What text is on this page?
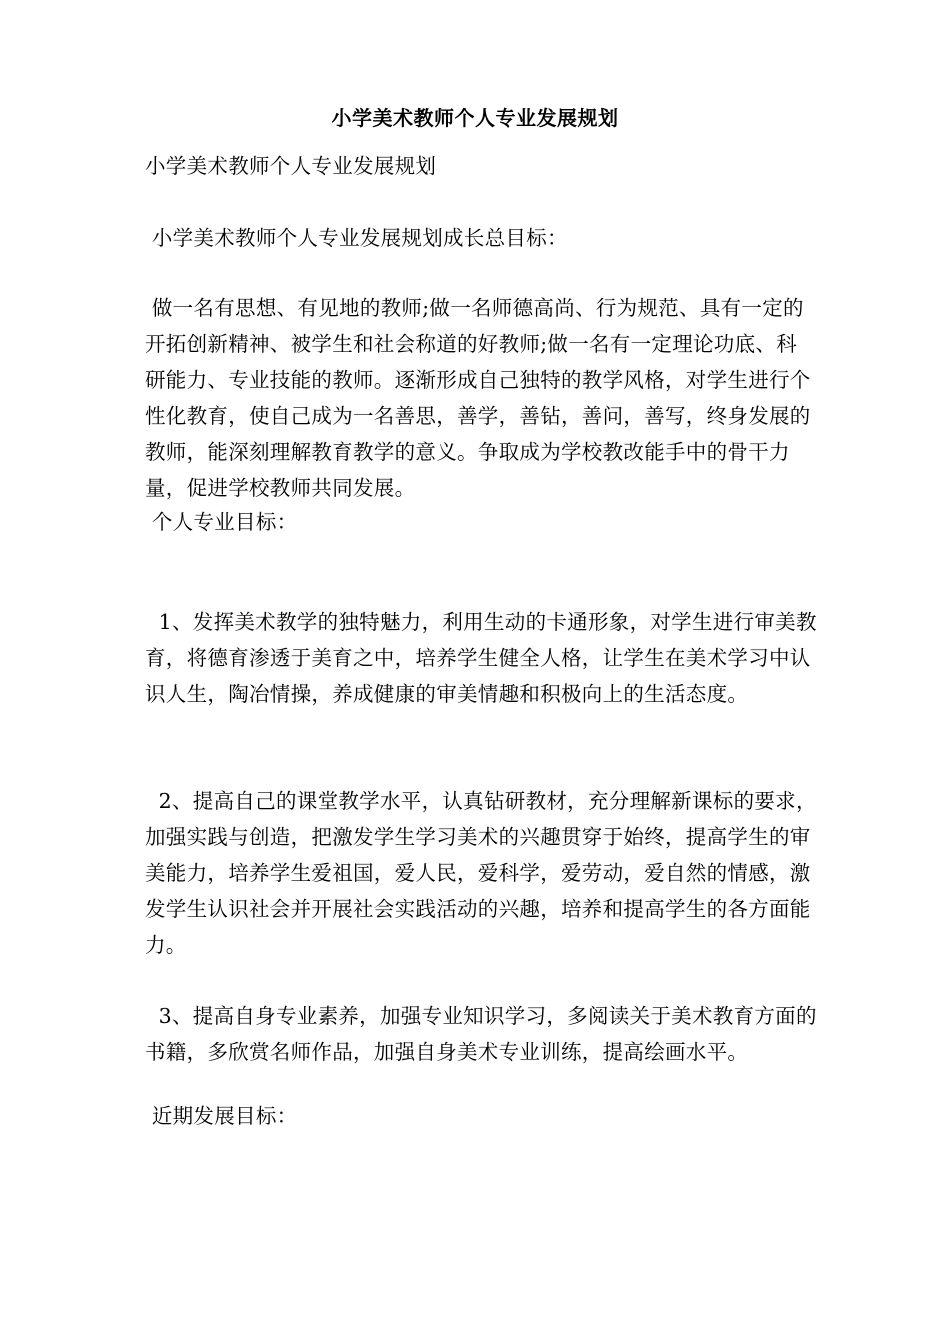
小学美术教师个人专业发展规划

小学美术教师个人专业发展规划

小学美术教师个人专业发展规划成长总目标：

做一名有思想、有见地的教师;做一名师德高尚、行为规范、具有一定的开拓创新精神、被学生和社会称道的好教师;做一名有一定理论功底、科研能力、专业技能的教师。逐渐形成自己独特的教学风格，对学生进行个性化教育，使自己成为一名善思，善学，善钻，善问，善写，终身发展的教师，能深刻理解教育教学的意义。争取成为学校教改能手中的骨干力量，促进学校教师共同发展。

个人专业目标：

1、发挥美术教学的独特魅力，利用生动的卡通形象，对学生进行审美教育，将德育渗透于美育之中，培养学生健全人格，让学生在美术学习中认识人生，陶冶情操，养成健康的审美情趣和积极向上的生活态度。

2、提高自己的课堂教学水平，认真钻研教材，充分理解新课标的要求，加强实践与创造，把激发学生学习美术的兴趣贯穿于始终，提高学生的审美能力，培养学生爱祖国，爱人民，爱科学，爱劳动，爱自然的情感，激发学生认识社会并开展社会实践活动的兴趣，培养和提高学生的各方面能力。

3、提高自身专业素养，加强专业知识学习，多阅读关于美术教育方面的书籍，多欣赏名师作品，加强自身美术专业训练，提高绘画水平。

近期发展目标：
